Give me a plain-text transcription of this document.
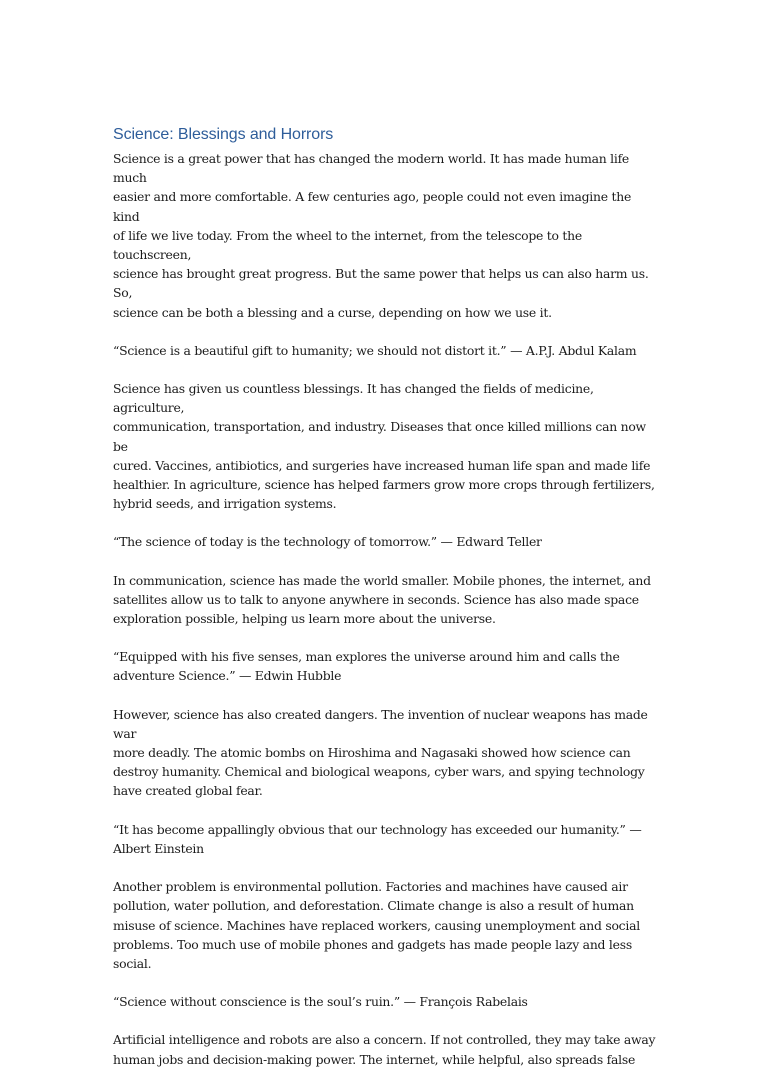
Science: Blessings and Horrors

Science is a great power that has changed the modern world. It has made human life much
easier and more comfortable. A few centuries ago, people could not even imagine the kind
of life we live today. From the wheel to the internet, from the telescope to the touchscreen,
science has brought great progress. But the same power that helps us can also harm us. So,
science can be both a blessing and a curse, depending on how we use it.

“Science is a beautiful gift to humanity; we should not distort it.” — A.P.J. Abdul Kalam

Science has given us countless blessings. It has changed the fields of medicine, agriculture,
communication, transportation, and industry. Diseases that once killed millions can now be
cured. Vaccines, antibiotics, and surgeries have increased human life span and made life
healthier. In agriculture, science has helped farmers grow more crops through fertilizers,
hybrid seeds, and irrigation systems.

“The science of today is the technology of tomorrow.” — Edward Teller

In communication, science has made the world smaller. Mobile phones, the internet, and
satellites allow us to talk to anyone anywhere in seconds. Science has also made space
exploration possible, helping us learn more about the universe.

“Equipped with his five senses, man explores the universe around him and calls the
adventure Science.” — Edwin Hubble

However, science has also created dangers. The invention of nuclear weapons has made war
more deadly. The atomic bombs on Hiroshima and Nagasaki showed how science can
destroy humanity. Chemical and biological weapons, cyber wars, and spying technology
have created global fear.

“It has become appallingly obvious that our technology has exceeded our humanity.” —
Albert Einstein

Another problem is environmental pollution. Factories and machines have caused air
pollution, water pollution, and deforestation. Climate change is also a result of human
misuse of science. Machines have replaced workers, causing unemployment and social
problems. Too much use of mobile phones and gadgets has made people lazy and less social.

“Science without conscience is the soul’s ruin.” — François Rabelais

Artificial intelligence and robots are also a concern. If not controlled, they may take away
human jobs and decision-making power. The internet, while helpful, also spreads false
